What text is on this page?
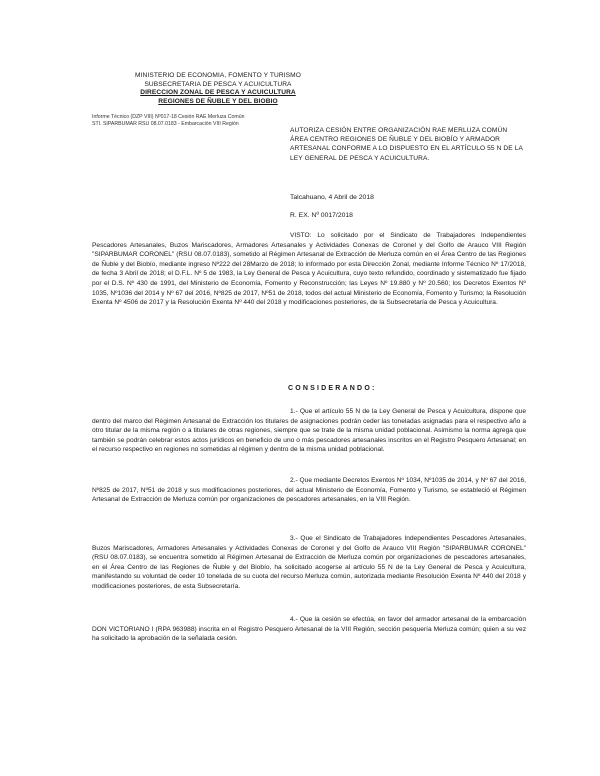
MINISTERIO DE ECONOMIA, FOMENTO Y TURISMO
SUBSECRETARIA DE PESCA Y ACUICULTURA
DIRECCION ZONAL DE PESCA Y ACUICULTURA
REGIONES DE ÑUBLE Y DEL BIOBIO
Informe Técnico (DZP VIII) Nº017-18 Cesión RAE Merluza Común
STI. SIPARBUMAR RSU 08.07.0183 - Embarcación VIII Región
AUTORIZA CESIÓN ENTRE ORGANIZACIÓN RAE MERLUZA COMÚN ÁREA CENTRO REGIONES DE ÑUBLE Y DEL BIOBÍO Y ARMADOR ARTESANAL CONFORME A LO DISPUESTO EN EL ARTÍCULO 55 N DE LA LEY GENERAL DE PESCA Y ACUICULTURA.
Talcahuano, 4 Abril de 2018
R. EX. Nº 0017/2018
VISTO: Lo solicitado por el Sindicato de Trabajadores Independientes Pescadores Artesanales, Buzos Mariscadores, Armadores Artesanales y Actividades Conexas de Coronel y del Golfo de Arauco VIII Región "SIPARBUMAR CORONEL" (RSU 08.07.0183), sometido al Régimen Artesanal de Extracción de Merluza común en el Área Centro de las Regiones de Ñuble y del Biobío, mediante ingreso Nº222 del 28Marzo de 2018; lo informado por esta Dirección Zonal, mediante Informe Técnico Nº 17/2018, de fecha 3 Abril de 2018; el D.F.L. Nº 5 de 1983, la Ley General de Pesca y Acuicultura, cuyo texto refundido, coordinado y sistematizado fue fijado por el D.S. Nº 430 de 1991, del Ministerio de Economía, Fomento y Reconstrucción; las Leyes Nº 19.880 y Nº 20.560; los Decretos Exentos Nº 1035, Nº1036 del 2014 y Nº 67 del 2016, Nº825 de 2017, Nº51 de 2018, todos del actual Ministerio de Economía, Fomento y Turismo; la Resolución Exenta Nº 4506 de 2017 y la Resolución Exenta Nº 440 del 2018 y modificaciones posteriores, de la Subsecretaría de Pesca y Acuicultura.
CONSIDERANDO:
1.- Que el artículo 55 N de la Ley General de Pesca y Acuicultura, dispone que dentro del marco del Régimen Artesanal de Extracción los titulares de asignaciones podrán ceder las toneladas asignadas para el respectivo año a otro titular de la misma región o a titulares de otras regiones, siempre que se trate de la misma unidad poblacional. Asimismo la norma agrega que también se podrán celebrar estos actos jurídicos en beneficio de uno o más pescadores artesanales inscritos en el Registro Pesquero Artesanal; en el recurso respectivo en regiones no sometidas al régimen y dentro de la misma unidad poblacional.
2.- Que mediante Decretos Exentos Nº 1034, Nº1035 de 2014, y Nº 67 del 2016, Nº825 de 2017, Nº51 de 2018 y sus modificaciones posteriores, del actual Ministerio de Economía, Fomento y Turismo, se estableció el Régimen Artesanal de Extracción de Merluza común por organizaciones de pescadores artesanales, en la VIII Región.
3.- Que el Sindicato de Trabajadores Independientes Pescadores Artesanales, Buzos Mariscadores, Armadores Artesanales y Actividades Conexas de Coronel y del Golfo de Arauco VIII Región "SIPARBUMAR CORONEL" (RSU 08.07.0183), se encuentra sometido al Régimen Artesanal de Extracción de Merluza común por organizaciones de pescadores artesanales, en el Área Centro de las Regiones de Ñuble y del Biobío, ha solicitado acogerse al artículo 55 N de la Ley General de Pesca y Acuicultura, manifestando su voluntad de ceder 10 tonelada de su cuota del recurso Merluza común, autorizada mediante Resolución Exenta Nº 440 del 2018 y modificaciones posteriores, de esta Subsecretaría.
4.- Que la cesión se efectúa, en favor del armador artesanal de la embarcación DON VICTORIANO I (RPA 963988) inscrita en el Registro Pesquero Artesanal de la VIII Región, sección pesquería Merluza común; quien a su vez ha solicitado la aprobación de la señalada cesión.
